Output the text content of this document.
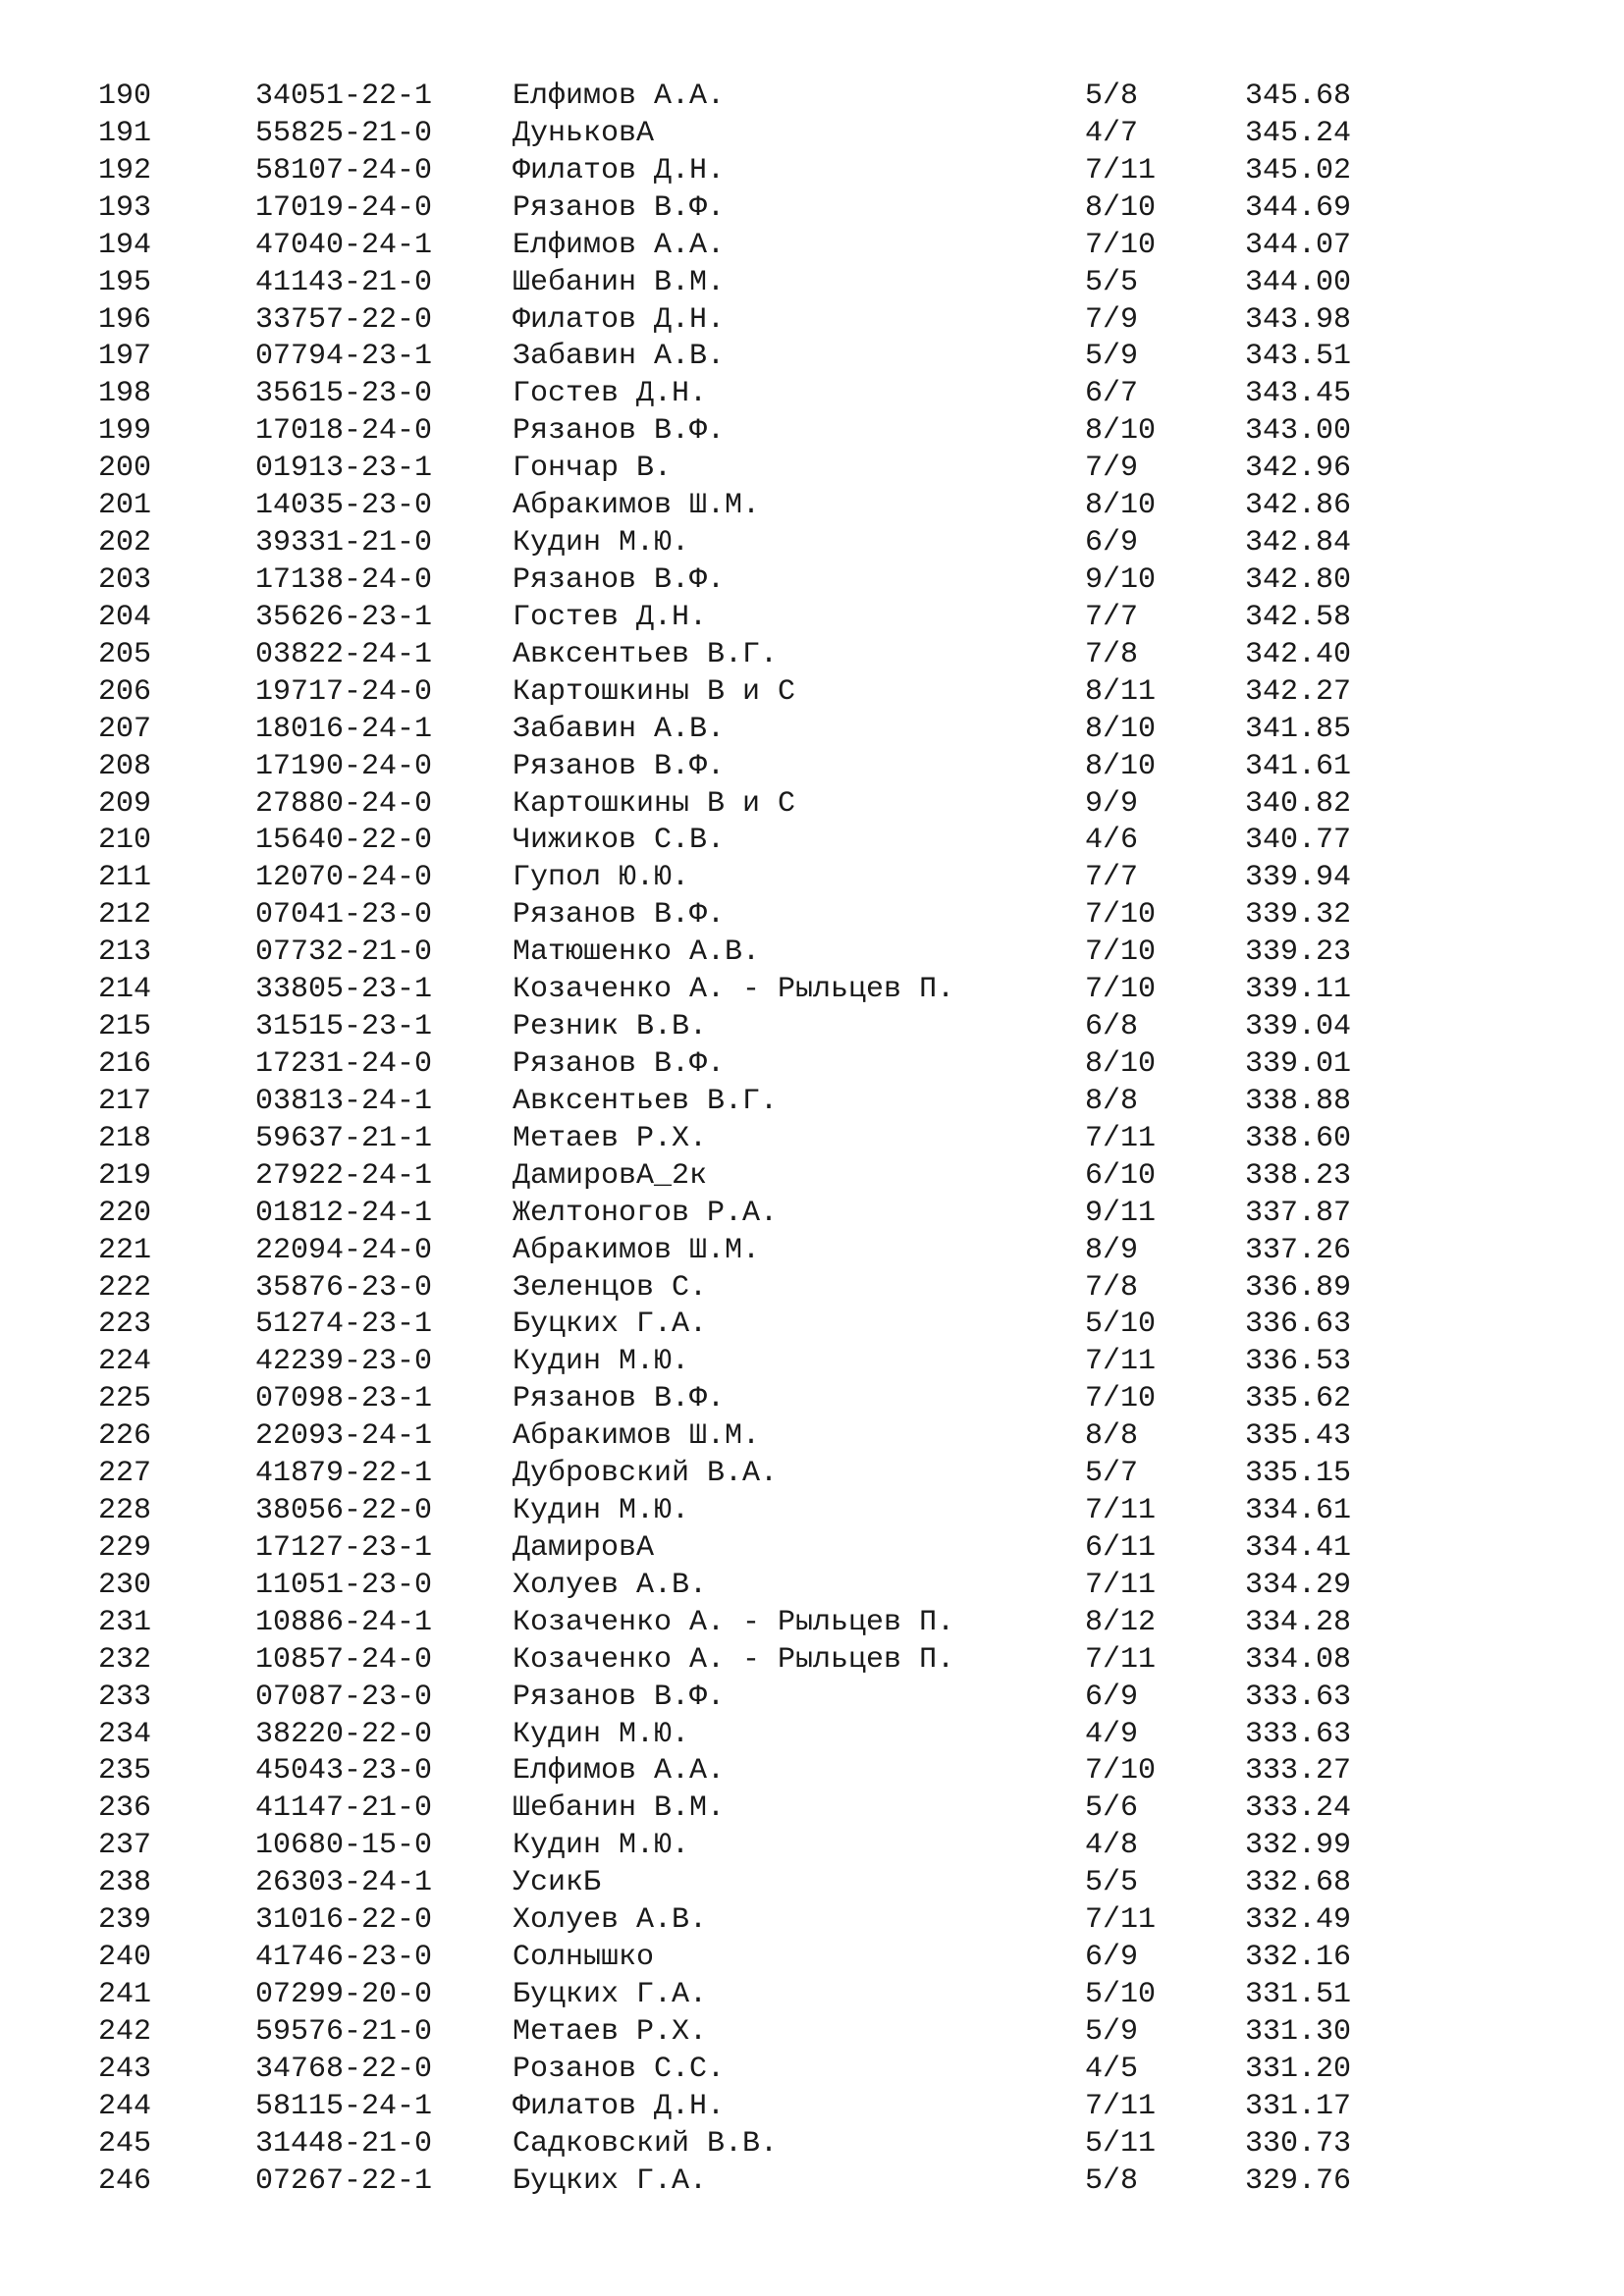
190	34051-22-1	Елфимов А.А.	5/8	345.68
191	55825-21-0	ДуньковА	4/7	345.24
192	58107-24-0	Филатов Д.Н.	7/11	345.02
193	17019-24-0	Рязанов В.Ф.	8/10	344.69
194	47040-24-1	Елфимов А.А.	7/10	344.07
195	41143-21-0	Шебанин В.М.	5/5	344.00
196	33757-22-0	Филатов Д.Н.	7/9	343.98
197	07794-23-1	Забавин А.В.	5/9	343.51
198	35615-23-0	Гостев Д.Н.	6/7	343.45
199	17018-24-0	Рязанов В.Ф.	8/10	343.00
200	01913-23-1	Гончар В.	7/9	342.96
201	14035-23-0	Абракимов Ш.М.	8/10	342.86
202	39331-21-0	Кудин М.Ю.	6/9	342.84
203	17138-24-0	Рязанов В.Ф.	9/10	342.80
204	35626-23-1	Гостев Д.Н.	7/7	342.58
205	03822-24-1	Авксентьев В.Г.	7/8	342.40
206	19717-24-0	Картошкины В и С	8/11	342.27
207	18016-24-1	Забавин А.В.	8/10	341.85
208	17190-24-0	Рязанов В.Ф.	8/10	341.61
209	27880-24-0	Картошкины В и С	9/9	340.82
210	15640-22-0	Чижиков С.В.	4/6	340.77
211	12070-24-0	Гупол Ю.Ю.	7/7	339.94
212	07041-23-0	Рязанов В.Ф.	7/10	339.32
213	07732-21-0	Матюшенко А.В.	7/10	339.23
214	33805-23-1	Козаченко А. - Рыльцев П.	7/10	339.11
215	31515-23-1	Резник В.В.	6/8	339.04
216	17231-24-0	Рязанов В.Ф.	8/10	339.01
217	03813-24-1	Авксентьев В.Г.	8/8	338.88
218	59637-21-1	Метаев Р.Х.	7/11	338.60
219	27922-24-1	ДамировА_2к	6/10	338.23
220	01812-24-1	Желтоногов Р.А.	9/11	337.87
221	22094-24-0	Абракимов Ш.М.	8/9	337.26
222	35876-23-0	Зеленцов С.	7/8	336.89
223	51274-23-1	Буцких Г.А.	5/10	336.63
224	42239-23-0	Кудин М.Ю.	7/11	336.53
225	07098-23-1	Рязанов В.Ф.	7/10	335.62
226	22093-24-1	Абракимов Ш.М.	8/8	335.43
227	41879-22-1	Дубровский В.А.	5/7	335.15
228	38056-22-0	Кудин М.Ю.	7/11	334.61
229	17127-23-1	ДамировА	6/11	334.41
230	11051-23-0	Холуев А.В.	7/11	334.29
231	10886-24-1	Козаченко А. - Рыльцев П.	8/12	334.28
232	10857-24-0	Козаченко А. - Рыльцев П.	7/11	334.08
233	07087-23-0	Рязанов В.Ф.	6/9	333.63
234	38220-22-0	Кудин М.Ю.	4/9	333.63
235	45043-23-0	Елфимов А.А.	7/10	333.27
236	41147-21-0	Шебанин В.М.	5/6	333.24
237	10680-15-0	Кудин М.Ю.	4/8	332.99
238	26303-24-1	УсикБ	5/5	332.68
239	31016-22-0	Холуев А.В.	7/11	332.49
240	41746-23-0	Солнышко	6/9	332.16
241	07299-20-0	Буцких Г.А.	5/10	331.51
242	59576-21-0	Метаев Р.Х.	5/9	331.30
243	34768-22-0	Розанов С.С.	4/5	331.20
244	58115-24-1	Филатов Д.Н.	7/11	331.17
245	31448-21-0	Садковский В.В.	5/11	330.73
246	07267-22-1	Буцких Г.А.	5/8	329.76
